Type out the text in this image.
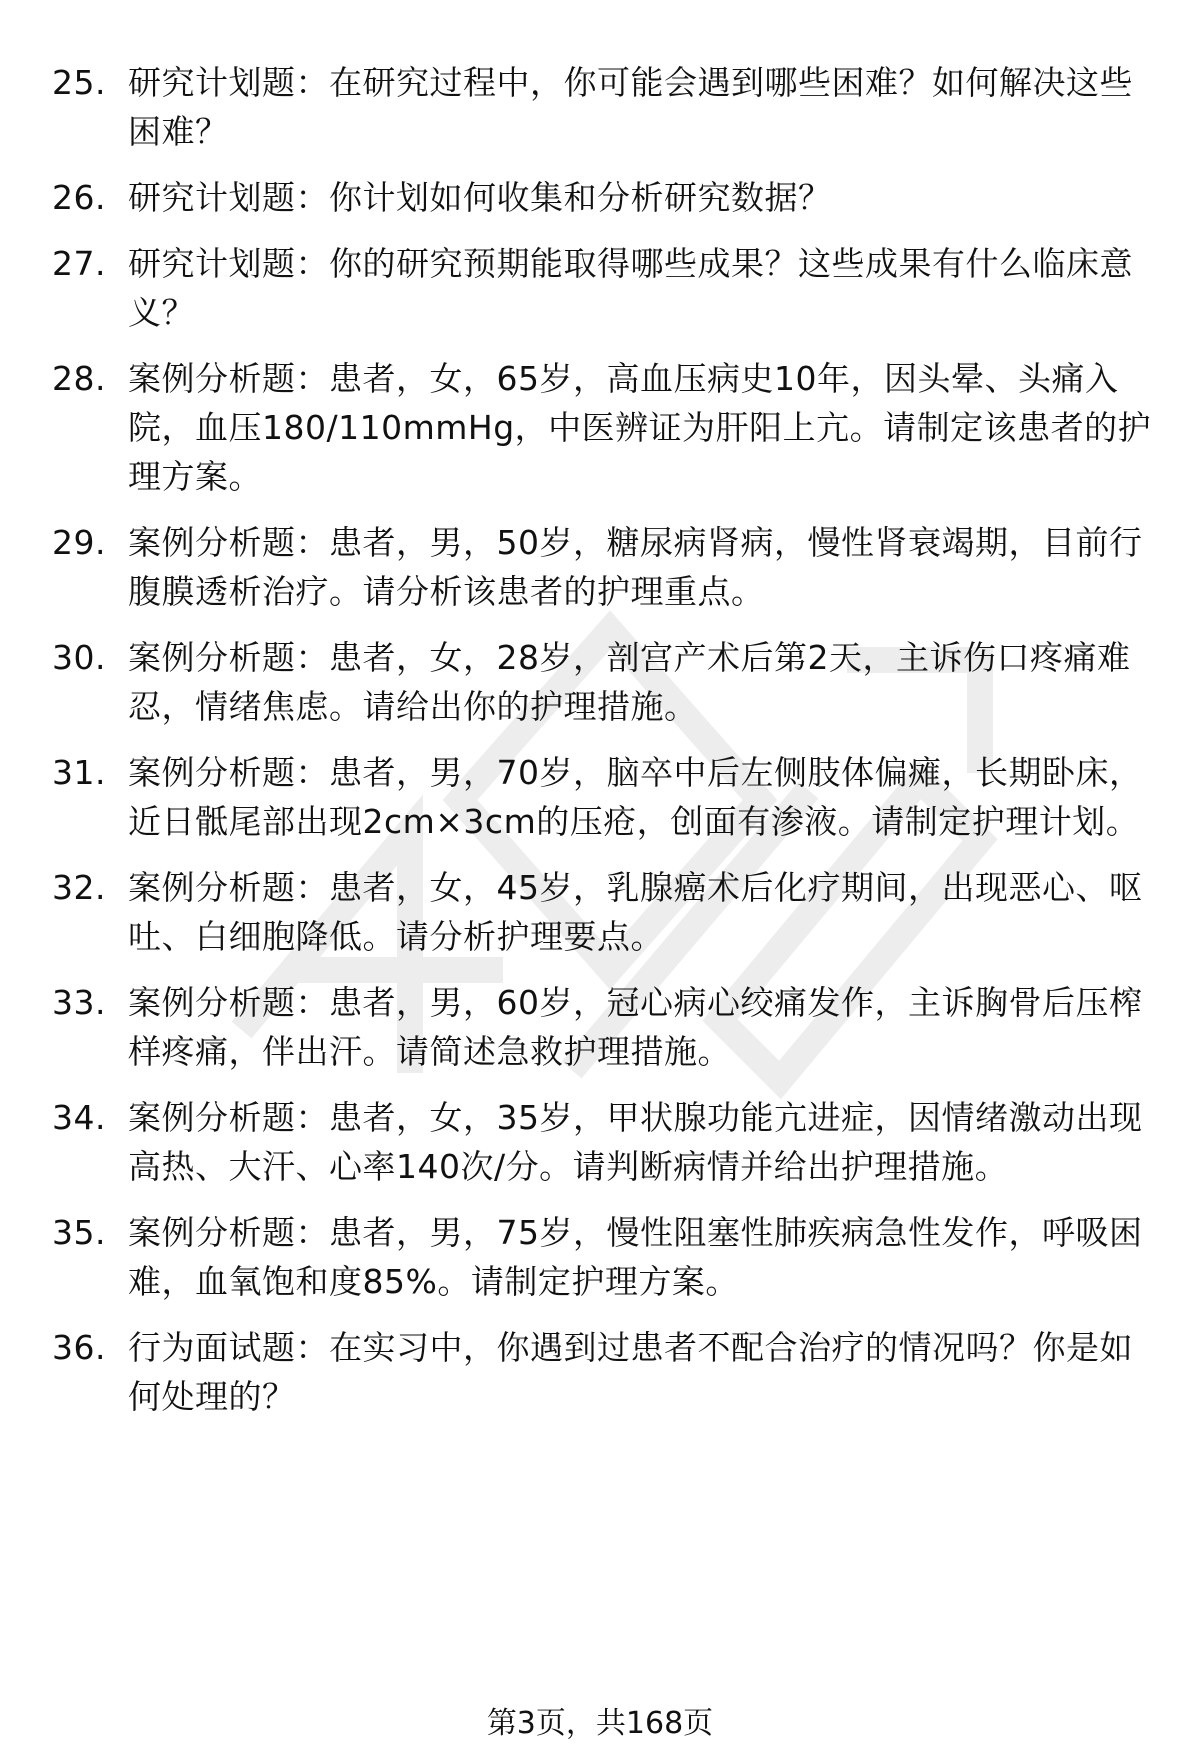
25. 研究计划题：在研究过程中，你可能会遇到哪些困难？如何解决这些困难？
26. 研究计划题：你计划如何收集和分析研究数据？
27. 研究计划题：你的研究预期能取得哪些成果？这些成果有什么临床意义？
28. 案例分析题：患者，女，65岁，高血压病史10年，因头晕、头痛入院，血压180/110mmHg，中医辨证为肝阳上亢。请制定该患者的护理方案。
29. 案例分析题：患者，男，50岁，糖尿病肾病，慢性肾衰竭期，目前行腹膜透析治疗。请分析该患者的护理重点。
30. 案例分析题：患者，女，28岁，剖宫产术后第2天，主诉伤口疼痛难忍，情绪焦虑。请给出你的护理措施。
31. 案例分析题：患者，男，70岁，脑卒中后左侧肢体偏瘫，长期卧床，近日骶尾部出现2cm×3cm的压疮，创面有渗液。请制定护理计划。
32. 案例分析题：患者，女，45岁，乳腺癌术后化疗期间，出现恶心、呕吐、白细胞降低。请分析护理要点。
33. 案例分析题：患者，男，60岁，冠心病心绞痛发作，主诉胸骨后压榨样疼痛，伴出汗。请简述急救护理措施。
34. 案例分析题：患者，女，35岁，甲状腺功能亢进症，因情绪激动出现高热、大汗、心率140次/分。请判断病情并给出护理措施。
35. 案例分析题：患者，男，75岁，慢性阻塞性肺疾病急性发作，呼吸困难，血氧饱和度85%。请制定护理方案。
36. 行为面试题：在实习中，你遇到过患者不配合治疗的情况吗？你是如何处理的？
第3页，共168页
